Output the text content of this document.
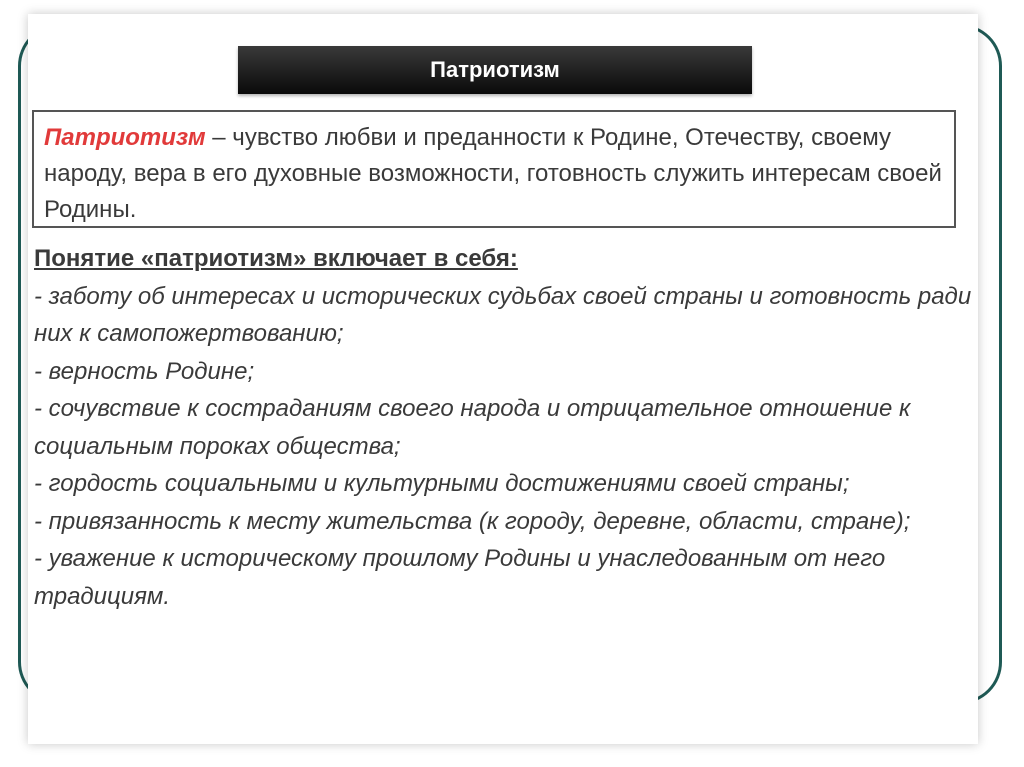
Патриотизм
Патриотизм – чувство любви и преданности к Родине, Отечеству, своему народу, вера в его духовные возможности, готовность служить интересам своей Родины.
Понятие «патриотизм» включает в себя:
- заботу об интересах и исторических судьбах своей страны и готовность ради них к самопожертвованию;
- верность Родине;
- сочувствие к состраданиям своего народа и отрицательное отношение к социальным пороках общества;
- гордость социальными и культурными достижениями своей страны;
- привязанность к месту жительства (к городу, деревне, области, стране);
- уважение к историческому прошлому Родины и унаследованным от него традициям.
